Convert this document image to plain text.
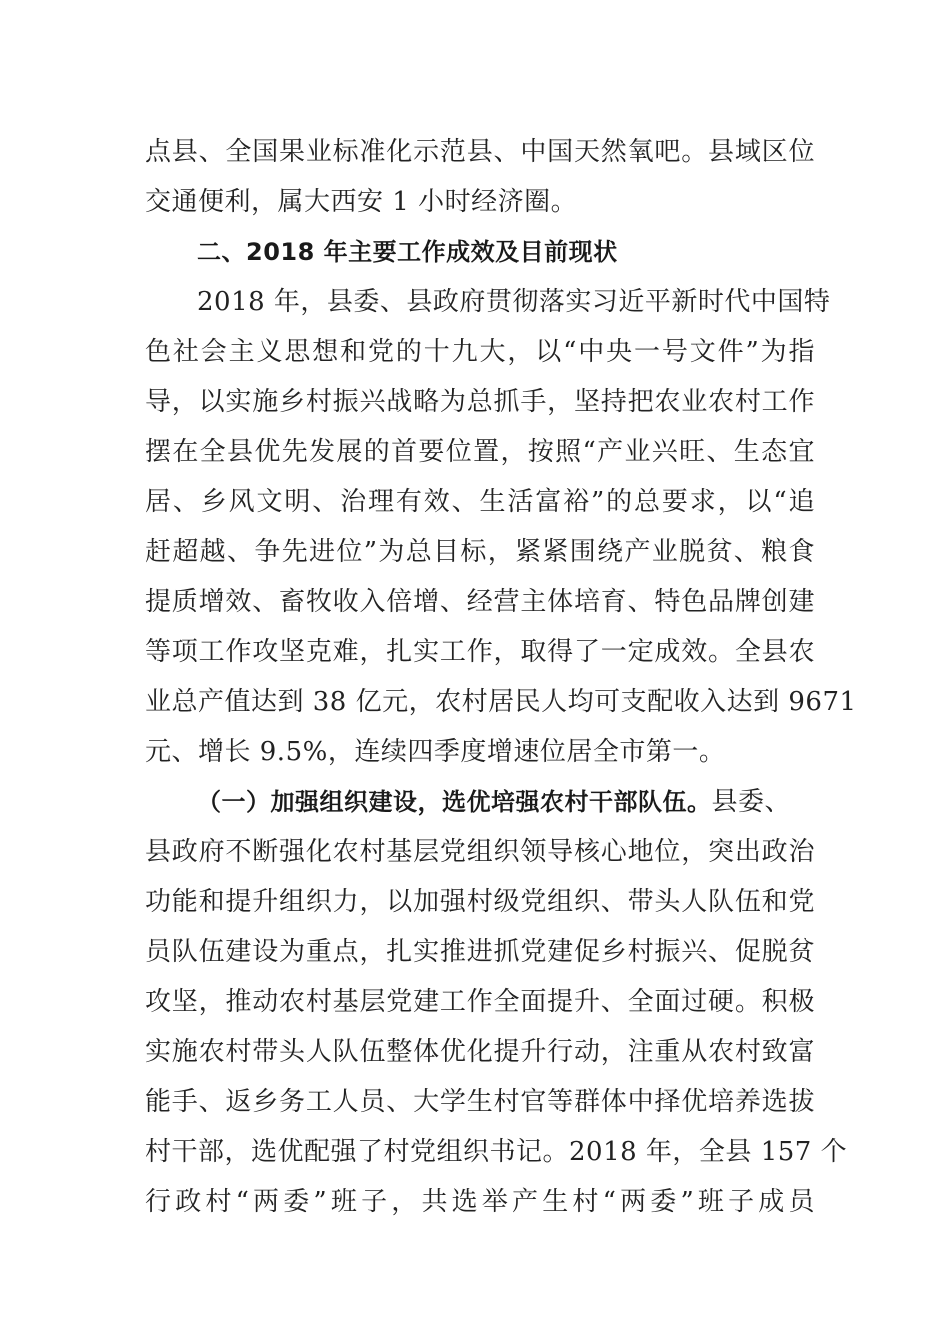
点县、全国果业标准化示范县、中国天然氧吧。县域区位
交通便利，属大西安 1 小时经济圈。
二、2018 年主要工作成效及目前现状
2018 年，县委、县政府贯彻落实习近平新时代中国特
色社会主义思想和党的十九大，以“中央一号文件”为指
导，以实施乡村振兴战略为总抓手，坚持把农业农村工作
摆在全县优先发展的首要位置，按照“产业兴旺、生态宜
居、乡风文明、治理有效、生活富裕”的总要求，以“追
赶超越、争先进位”为总目标，紧紧围绕产业脱贫、粮食
提质增效、畜牧收入倍增、经营主体培育、特色品牌创建
等项工作攻坚克难，扎实工作，取得了一定成效。全县农
业总产值达到 38 亿元，农村居民人均可支配收入达到 9671
元、增长 9.5%，连续四季度增速位居全市第一。
（一）加强组织建设，选优培强农村干部队伍。县委、
县政府不断强化农村基层党组织领导核心地位，突出政治
功能和提升组织力，以加强村级党组织、带头人队伍和党
员队伍建设为重点，扎实推进抓党建促乡村振兴、促脱贫
攻坚，推动农村基层党建工作全面提升、全面过硬。积极
实施农村带头人队伍整体优化提升行动，注重从农村致富
能手、返乡务工人员、大学生村官等群体中择优培养选拔
村干部，选优配强了村党组织书记。2018 年，全县 157 个
行政村“两委”班子，共选举产生村“两委”班子成员
